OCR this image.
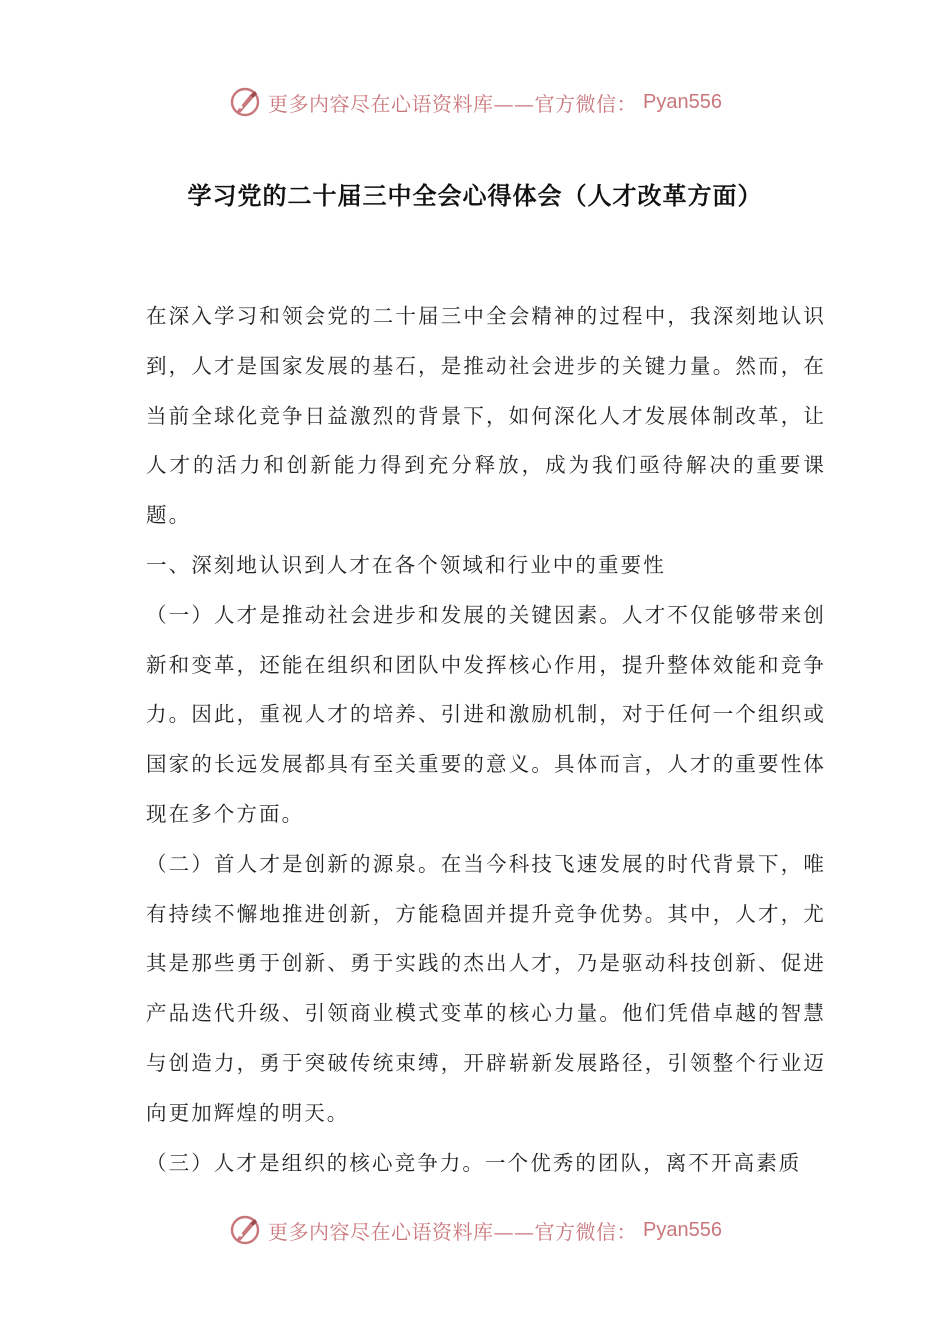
更多内容尽在心语资料库——官方微信： Pyan556
学习党的二十届三中全会心得体会（人才改革方面）

在深入学习和领会党的二十届三中全会精神的过程中，我深刻地认识到，人才是国家发展的基石，是推动社会进步的关键力量。然而，在当前全球化竞争日益激烈的背景下，如何深化人才发展体制改革，让人才的活力和创新能力得到充分释放，成为我们亟待解决的重要课题。

一、深刻地认识到人才在各个领域和行业中的重要性

（一）人才是推动社会进步和发展的关键因素。人才不仅能够带来创新和变革，还能在组织和团队中发挥核心作用，提升整体效能和竞争力。因此，重视人才的培养、引进和激励机制，对于任何一个组织或国家的长远发展都具有至关重要的意义。具体而言，人才的重要性体现在多个方面。

（二）首人才是创新的源泉。在当今科技飞速发展的时代背景下，唯有持续不懈地推进创新，方能稳固并提升竞争优势。其中，人才，尤其是那些勇于创新、勇于实践的杰出人才，乃是驱动科技创新、促进产品迭代升级、引领商业模式变革的核心力量。他们凭借卓越的智慧与创造力，勇于突破传统束缚，开辟崭新发展路径，引领整个行业迈向更加辉煌的明天。

（三）人才是组织的核心竞争力。一个优秀的团队，离不开高素质

更多内容尽在心语资料库——官方微信： Pyan556
